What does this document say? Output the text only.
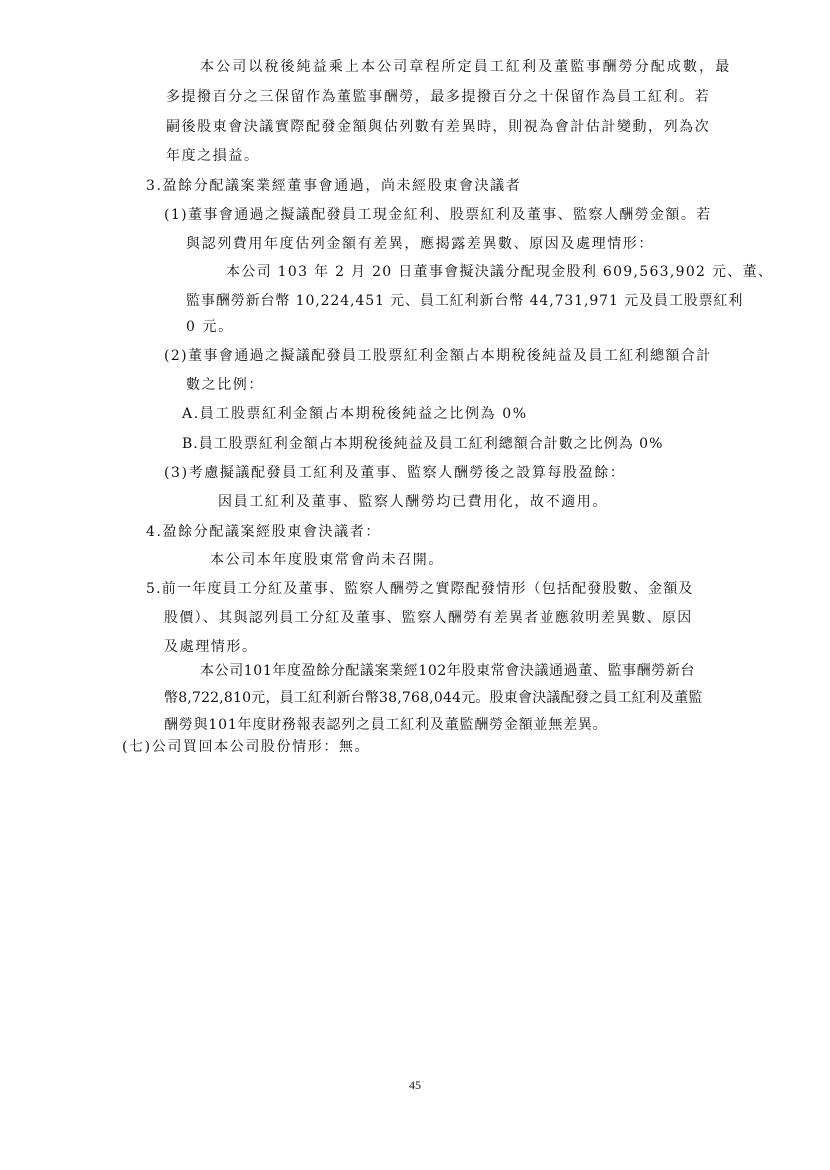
本公司以稅後純益乘上本公司章程所定員工紅利及董監事酬勞分配成數，最
多提撥百分之三保留作為董監事酬勞，最多提撥百分之十保留作為員工紅利。若
嗣後股東會決議實際配發金額與估列數有差異時，則視為會計估計變動，列為次
年度之損益。
3.盈餘分配議案業經董事會通過，尚未經股東會決議者
(1)董事會通過之擬議配發員工現金紅利、股票紅利及董事、監察人酬勞金額。若
與認列費用年度估列金額有差異，應揭露差異數、原因及處理情形：
本公司 103 年 2 月 20 日董事會擬決議分配現金股利 609,563,902 元、董、
監事酬勞新台幣 10,224,451 元、員工紅利新台幣 44,731,971 元及員工股票紅利
0 元。
(2)董事會通過之擬議配發員工股票紅利金額占本期稅後純益及員工紅利總額合計
數之比例：
A.員工股票紅利金額占本期稅後純益之比例為 0%
B.員工股票紅利金額占本期稅後純益及員工紅利總額合計數之比例為 0%
(3)考慮擬議配發員工紅利及董事、監察人酬勞後之設算每股盈餘：
因員工紅利及董事、監察人酬勞均已費用化，故不適用。
4.盈餘分配議案經股東會決議者：
本公司本年度股東常會尚未召開。
5.前一年度員工分紅及董事、監察人酬勞之實際配發情形（包括配發股數、金額及
股價）、其與認列員工分紅及董事、監察人酬勞有差異者並應敘明差異數、原因
及處理情形。
本公司101年度盈餘分配議案業經102年股東常會決議通過董、監事酬勞新台
幣8,722,810元，員工紅利新台幣38,768,044元。股東會決議配發之員工紅利及董監
酬勞與101年度財務報表認列之員工紅利及董監酬勞金額並無差異。
(七)公司買回本公司股份情形：無。
45
